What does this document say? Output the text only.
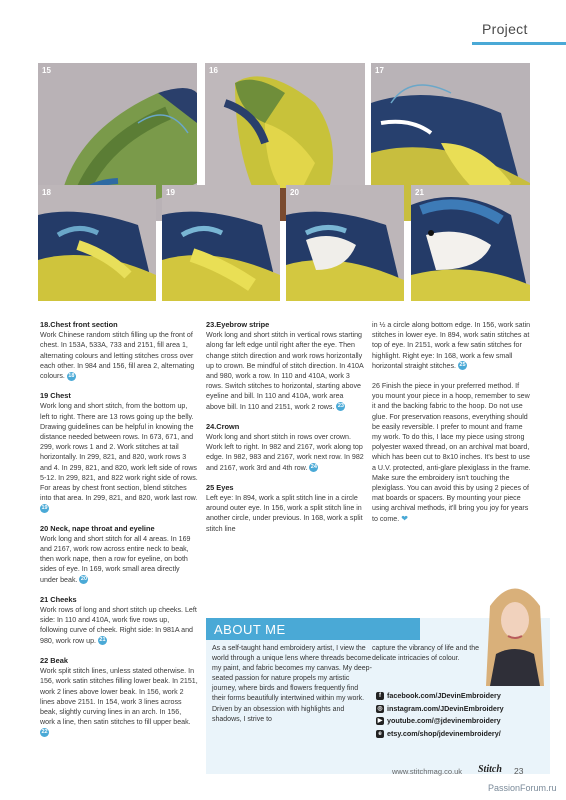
Project
15	16	17
18	19	20	21
18.Chest front section

Work Chinese random stitch filling up the front of chest. In 153A, 533A, 733 and 2151, fill area 1, alternating colours and letting stitches cross over each other. In 984 and 156, fill area 2, alternating colours. 18

19 Chest

Work long and short stitch, from the bottom up, left to right. There are 13 rows going up the belly. Drawing guidelines can be helpful in knowing the distance needed between rows. In 673, 671, and 299, work rows 1 and 2. Work stitches at tail horizontally. In 299, 821, and 820, work rows 3 and 4. In 299, 821, and 820, work left side of rows 5-12. In 299, 821, and 822 work right side of rows. For areas by chest front section, blend stitches into that area. In 299, 821, and 820, work last row. 19

20 Neck, nape throat and eyeline

Work long and short stitch for all 4 areas. In 169 and 2167, work row across entire neck to beak, then work nape, then a row for eyeline, on both sides of eye. In 169, work small area directly under beak. 20

21 Cheeks

Work rows of long and short stitch up cheeks. Left side: In 110 and 410A, work five rows up, following curve of cheek. Right side: In 981A and 980, work row up. 21

22 Beak

Work split stitch lines, unless stated otherwise. In 156, work satin stitches filling lower beak. In 2151, work 2 lines above lower beak. In 156, work 2 lines above 2151. In 154, work 3 lines across beak, slightly curving lines in an arch. In 156, work a line, then satin stitches to fill upper beak. 22

23.Eyebrow stripe

Work long and short stitch in vertical rows starting along far left edge until right after the eye. Then change stitch direction and work rows horizontally up to crown. Be mindful of stitch direction. In 410A and 980, work a row. In 110 and 410A, work 3 rows. Switch stitches to horizontal, starting above eyeline and bill. In 110 and 410A, work area above bill. In 110 and 2151, work 2 rows. 23

24.Crown

Work long and short stitch in rows over crown. Work left to right. In 982 and 2167, work along top edge. In 982, 983 and 2167, work next row. In 982 and 2167, work 3rd and 4th row. 24

25 Eyes

Left eye: In 894, work a split stitch line in a circle around outer eye. In 156, work a split stitch line in another circle, under previous. In 168, work a split stitch line

in ½ a circle along bottom edge. In 156, work satin stitches in lower eye. In 894, work satin stitches at top of eye. In 2151, work a few satin stitches for highlight. Right eye: In 168, work a few small horizontal straight stitches. 25

26 Finish the piece in your preferred method. If you mount your piece in a hoop, remember to sew it and the backing fabric to the hoop. Do not use glue. For preservation reasons, everything should be easily reversible. I prefer to mount and frame my work. To do this, I lace my piece using strong polyester waxed thread, on an archival mat board, which has been cut to 8x10 inches. It's best to use a U.V. protected, anti-glare plexiglass in the frame. Make sure the embroidery isn't touching the plexiglass. You can avoid this by using 2 pieces of mat boards or spacers. By mounting your piece using archival methods, it'll bring you joy for years to come. ❤

ABOUT ME
As a self-taught hand embroidery artist, I view the world through a unique lens where threads become my paint, and fabric becomes my canvas. My deep-seated passion for nature propels my artistic journey, where birds and flowers frequently find their forms beautifully intertwined within my work. Driven by an obsession with highlights and shadows, I strive to
capture the vibrancy of life and the delicate intricacies of colour.
f facebook.com/JDevinEmbroidery
◎ instagram.com/JDevinEmbroidery
▶ youtube.com/@jdevinembroidery
e etsy.com/shop/jdevinembroidery/
www.stitchmag.co.uk Stitch 23
PassionForum.ru
